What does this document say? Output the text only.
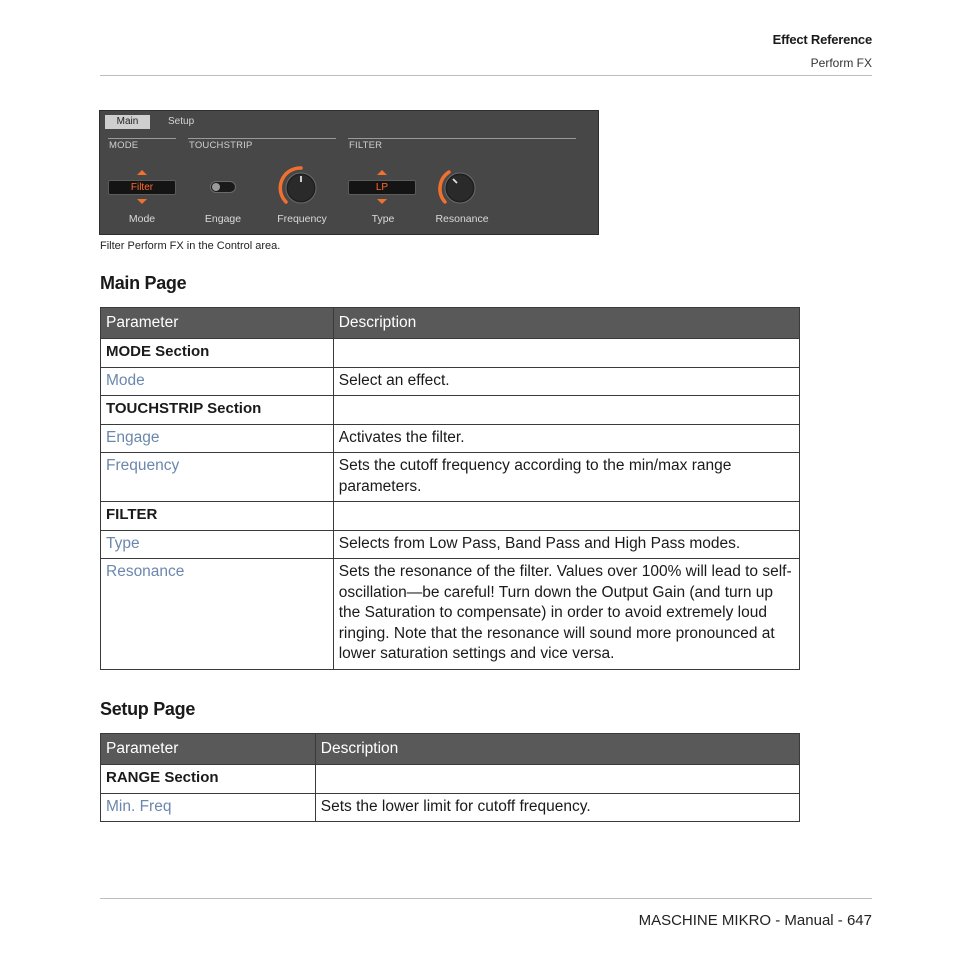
Effect Reference
Perform FX
Main	Setup
MODE	TOUCHSTRIP	FILTER
Filter
Mode	Engage	Frequency
LP
Type	Resonance
Filter Perform FX in the Control area.
Main Page
Parameter	Description
MODE Section	
Mode	Select an effect.
TOUCHSTRIP Section	
Engage	Activates the filter.
Frequency	Sets the cutoff frequency according to the min/max range parameters.
FILTER	
Type	Selects from Low Pass, Band Pass and High Pass modes.
Resonance	Sets the resonance of the filter. Values over 100% will lead to self-oscillation—be careful! Turn down the Output Gain (and turn up the Saturation to compensate) in order to avoid extremely loud ringing. Note that the resonance will sound more pronounced at lower saturation settings and vice versa.
Setup Page
Parameter	Description
RANGE Section	
Min. Freq	Sets the lower limit for cutoff frequency.
MASCHINE MIKRO - Manual - 647
